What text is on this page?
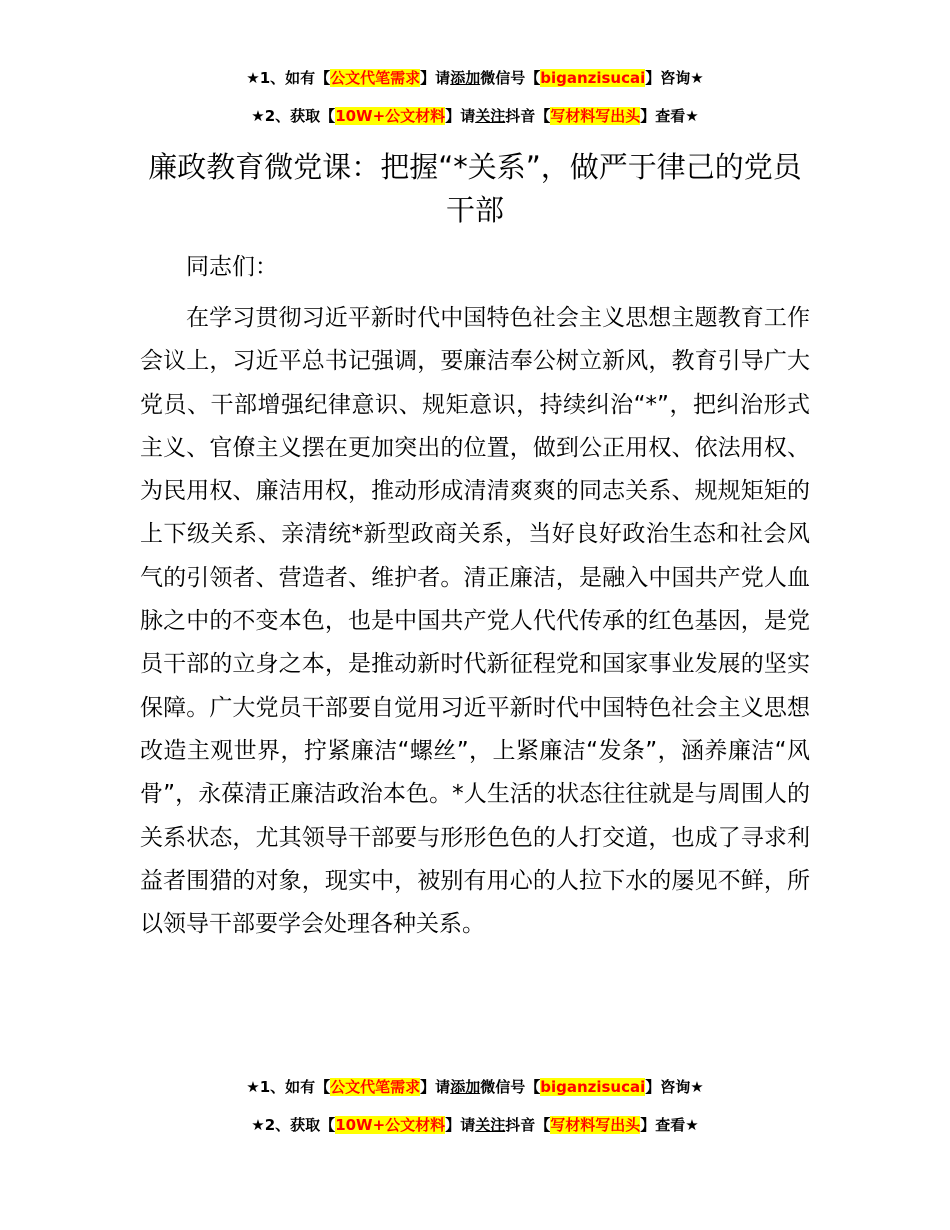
★1、如有【公文代笔需求】请添加微信号【biganzisucai】咨询★
★2、获取【10W+公文材料】请关注抖音【写材料写出头】查看★
廉政教育微党课：把握“*关系”，做严于律己的党员干部

同志们：

在学习贯彻习近平新时代中国特色社会主义思想主题教育工作会议上，习近平总书记强调，要廉洁奉公树立新风，教育引导广大党员、干部增强纪律意识、规矩意识，持续纠治“*”，把纠治形式主义、官僚主义摆在更加突出的位置，做到公正用权、依法用权、为民用权、廉洁用权，推动形成清清爽爽的同志关系、规规矩矩的上下级关系、亲清统*新型政商关系，当好良好政治生态和社会风气的引领者、营造者、维护者。清正廉洁，是融入中国共产党人血脉之中的不变本色，也是中国共产党人代代传承的红色基因，是党员干部的立身之本，是推动新时代新征程党和国家事业发展的坚实保障。广大党员干部要自觉用习近平新时代中国特色社会主义思想改造主观世界，拧紧廉洁“螺丝”，上紧廉洁“发条”，涵养廉洁“风骨”，永葆清正廉洁政治本色。*人生活的状态往往就是与周围人的关系状态，尤其领导干部要与形形色色的人打交道，也成了寻求利益者围猎的对象，现实中，被别有用心的人拉下水的屡见不鲜，所以领导干部要学会处理各种关系。

★1、如有【公文代笔需求】请添加微信号【biganzisucai】咨询★
★2、获取【10W+公文材料】请关注抖音【写材料写出头】查看★
